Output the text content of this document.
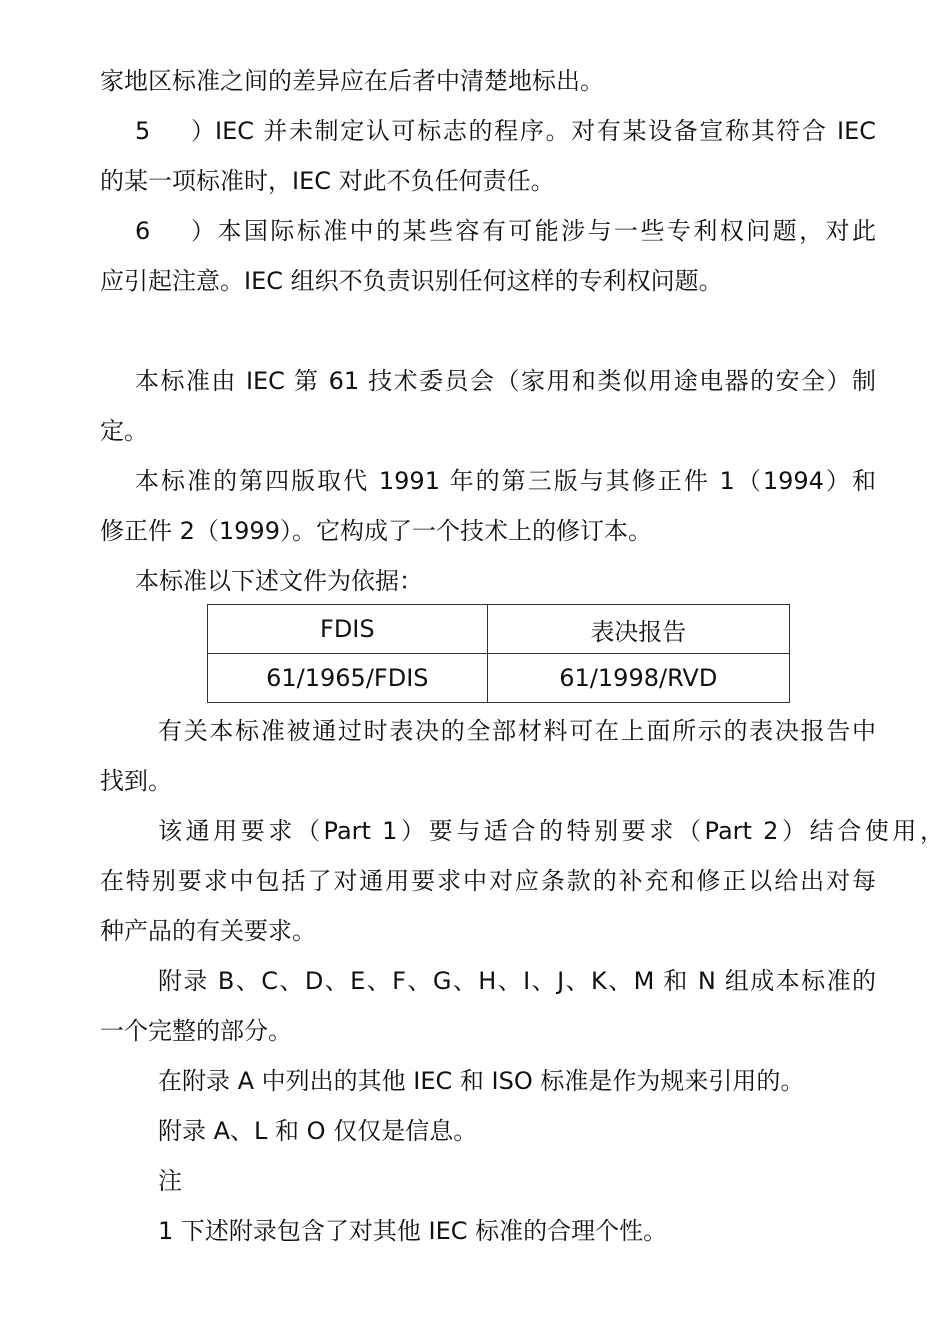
家地区标准之间的差异应在后者中清楚地标出。
5）IEC 并未制定认可标志的程序。对有某设备宣称其符合 IEC
的某一项标准时，IEC 对此不负任何责任。
6）本国际标准中的某些容有可能涉与一些专利权问题，对此
应引起注意。IEC 组织不负责识别任何这样的专利权问题。
本标准由 IEC 第 61 技术委员会（家用和类似用途电器的安全）制
定。
本标准的第四版取代 1991 年的第三版与其修正件 1（1994）和
修正件 2（1999）。它构成了一个技术上的修订本。
本标准以下述文件为依据：
FDIS	表决报告
61/1965/FDIS	61/1998/RVD
有关本标准被通过时表决的全部材料可在上面所示的表决报告中
找到。
该通用要求（Part 1）要与适合的特别要求（Part 2）结合使用，
在特别要求中包括了对通用要求中对应条款的补充和修正以给出对每
种产品的有关要求。
附录 B、C、D、E、F、G、H、I、J、K、M 和 N 组成本标准的
一个完整的部分。
在附录 A 中列出的其他 IEC 和 ISO 标准是作为规来引用的。
附录 A、L 和 O 仅仅是信息。
注
1 下述附录包含了对其他 IEC 标准的合理个性。
